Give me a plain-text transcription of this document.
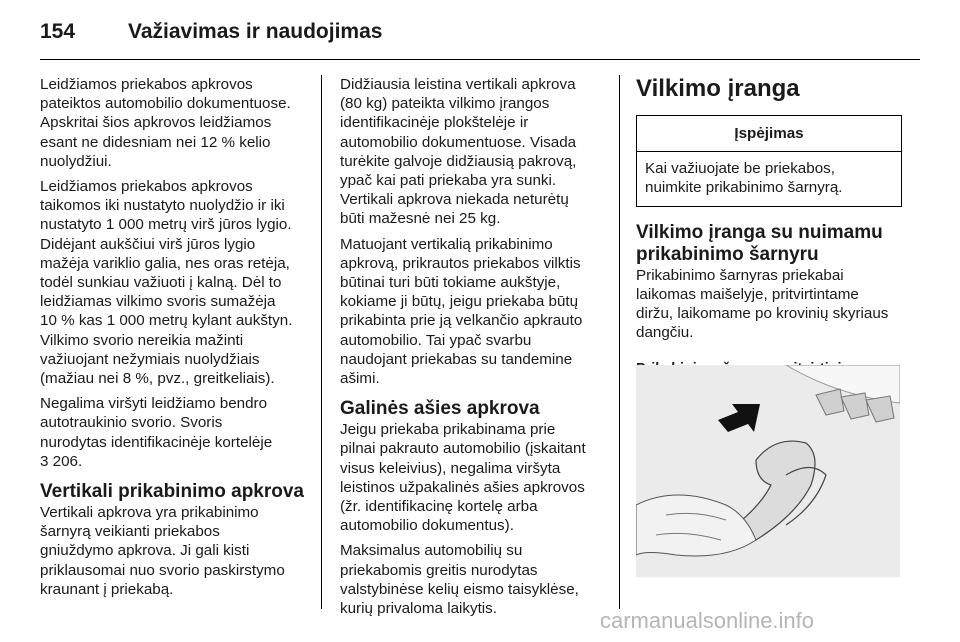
154	Važiavimas ir naudojimas

Leidžiamos priekabos apkrovos
pateiktos automobilio dokumentuose.
Apskritai šios apkrovos leidžiamos
esant ne didesniam nei 12 % kelio
nuolydžiui.

Leidžiamos priekabos apkrovos
taikomos iki nustatyto nuolydžio ir iki
nustatyto 1 000 metrų virš jūros lygio.
Didėjant aukščiui virš jūros lygio
mažėja variklio galia, nes oras retėja,
todėl sunkiau važiuoti į kalną. Dėl to
leidžiamas vilkimo svoris sumažėja
10 % kas 1 000 metrų kylant aukštyn.
Vilkimo svorio nereikia mažinti
važiuojant nežymiais nuolydžiais
(mažiau nei 8 %, pvz., greitkeliais).

Negalima viršyti leidžiamo bendro
autotraukinio svorio. Svoris
nurodytas identifikacinėje kortelėje
3 206.

Vertikali prikabinimo apkrova

Vertikali apkrova yra prikabinimo
šarnyrą veikianti priekabos
gniuždymo apkrova. Ji gali kisti
priklausomai nuo svorio paskirstymo
kraunant į priekabą.

Didžiausia leistina vertikali apkrova
(80 kg) pateikta vilkimo įrangos
identifikacinėje plokštelėje ir
automobilio dokumentuose. Visada
turėkite galvoje didžiausią pakrovą,
ypač kai pati priekaba yra sunki.
Vertikali apkrova niekada neturėtų
būti mažesnė nei 25 kg.

Matuojant vertikalią prikabinimo
apkrovą, prikrautos priekabos vilktis
būtinai turi būti tokiame aukštyje,
kokiame ji būtų, jeigu priekaba būtų
prikabinta prie ją velkančio apkrauto
automobilio. Tai ypač svarbu
naudojant priekabas su tandemine
ašimi.

Galinės ašies apkrova

Jeigu priekaba prikabinama prie
pilnai pakrauto automobilio (įskaitant
visus keleivius), negalima viršyta
leistinos užpakalinės ašies apkrovos
(žr. identifikacinę kortelę arba
automobilio dokumentus).

Maksimalus automobilių su
priekabomis greitis nurodytas
valstybinėse kelių eismo taisyklėse,
kurių privaloma laikytis.

Vilkimo įranga
Įspėjimas
Kai važiuojate be priekabos,
nuimkite prikabinimo šarnyrą.
Vilkimo įranga su nuimamu
prikabinimo šarnyru

Prikabinimo šarnyras priekabai
laikomas maišelyje, pritvirtintame
diržu, laikomame po krovinių skyriaus
dangčiu.

carmanualsonline.info
